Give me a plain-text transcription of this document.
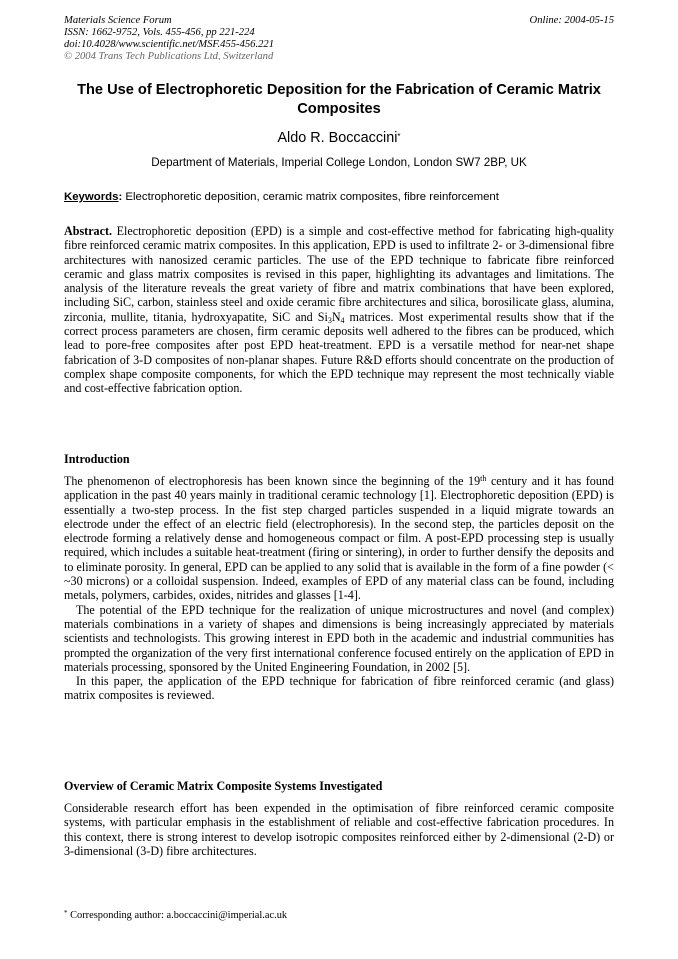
Materials Science Forum
ISSN: 1662-9752, Vols. 455-456, pp 221-224
doi:10.4028/www.scientific.net/MSF.455-456.221
© 2004 Trans Tech Publications Ltd, Switzerland
Online: 2004-05-15
The Use of Electrophoretic Deposition for the Fabrication of Ceramic Matrix Composites
Aldo R. Boccaccini*
Department of Materials, Imperial College London, London SW7 2BP, UK
Keywords: Electrophoretic deposition, ceramic matrix composites, fibre reinforcement

Abstract. Electrophoretic deposition (EPD) is a simple and cost-effective method for fabricating high-quality fibre reinforced ceramic matrix composites. In this application, EPD is used to infiltrate 2- or 3-dimensional fibre architectures with nanosized ceramic particles. The use of the EPD technique to fabricate fibre reinforced ceramic and glass matrix composites is revised in this paper, highlighting its advantages and limitations. The analysis of the literature reveals the great variety of fibre and matrix combinations that have been explored, including SiC, carbon, stainless steel and oxide ceramic fibre architectures and silica, borosilicate glass, alumina, zirconia, mullite, titania, hydroxyapatite, SiC and $Si_3N_4$ matrices. Most experimental results show that if the correct process parameters are chosen, firm ceramic deposits well adhered to the fibres can be produced, which lead to pore-free composites after post EPD heat-treatment. EPD is a versatile method for near-net shape fabrication of 3-D composites of non-planar shapes. Future R&D efforts should concentrate on the production of complex shape composite components, for which the EPD technique may represent the most technically viable and cost-effective fabrication option.

Introduction

The phenomenon of electrophoresis has been known since the beginning of the 19th century and it has found application in the past 40 years mainly in traditional ceramic technology [1]. Electrophoretic deposition (EPD) is essentially a two-step process. In the fist step charged particles suspended in a liquid migrate towards an electrode under the effect of an electric field (electrophoresis). In the second step, the particles deposit on the electrode forming a relatively dense and homogeneous compact or film. A post-EPD processing step is usually required, which includes a suitable heat-treatment (firing or sintering), in order to further densify the deposits and to eliminate porosity. In general, EPD can be applied to any solid that is available in the form of a fine powder (< ~30 microns) or a colloidal suspension. Indeed, examples of EPD of any material class can be found, including metals, polymers, carbides, oxides, nitrides and glasses [1-4].
The potential of the EPD technique for the realization of unique microstructures and novel (and complex) materials combinations in a variety of shapes and dimensions is being increasingly appreciated by materials scientists and technologists. This growing interest in EPD both in the academic and industrial communities has prompted the organization of the very first international conference focused entirely on the application of EPD in materials processing, sponsored by the United Engineering Foundation, in 2002 [5].
In this paper, the application of the EPD technique for fabrication of fibre reinforced ceramic (and glass) matrix composites is reviewed.

Overview of Ceramic Matrix Composite Systems Investigated

Considerable research effort has been expended in the optimisation of fibre reinforced ceramic composite systems, with particular emphasis in the establishment of reliable and cost-effective fabrication procedures. In this context, there is strong interest to develop isotropic composites reinforced either by 2-dimensional (2-D) or 3-dimensional (3-D) fibre architectures.

* Corresponding author: a.boccaccini@imperial.ac.uk
